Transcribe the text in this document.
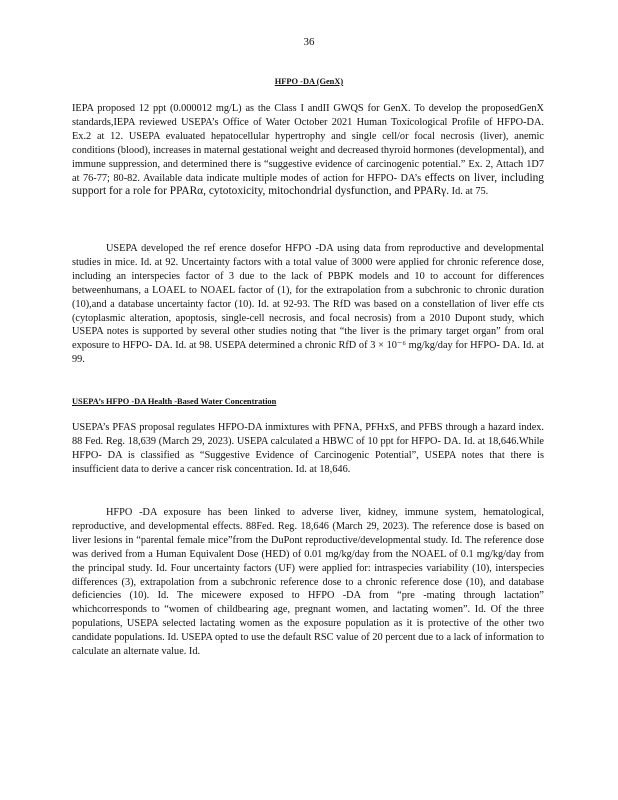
36
HFPO -DA (GenX)
IEPA proposed 12 ppt (0.000012 mg/L) as the Class I andII GWQS for GenX. To develop the proposedGenX standards,IEPA reviewed USEPA’s Office of Water October 2021 Human Toxicological Profile of HFPO-DA. Ex.2 at 12. USEPA evaluated hepatocellular hypertrophy and single cell/or focal necrosis (liver), anemic conditions (blood), increases in maternal gestational weight and decreased thyroid hormones (developmental), and immune suppression, and determined there is “suggestive evidence of carcinogenic potential.” Ex. 2, Attach 1D7 at 76-77; 80-82. Available data indicate multiple modes of action for HFPO- DA’s effects on liver, including support for a role for PPARα, cytotoxicity, mitochondrial dysfunction, and PPARγ. Id. at 75.
USEPA developed the ref erence dosefor HFPO -DA using data from reproductive and developmental studies in mice. Id. at 92. Uncertainty factors with a total value of 3000 were applied for chronic reference dose, including an interspecies factor of 3 due to the lack of PBPK models and 10 to account for differences betweenhumans, a LOAEL to NOAEL factor of (1), for the extrapolation from a subchronic to chronic duration (10),and a database uncertainty factor (10). Id. at 92-93. The RfD was based on a constellation of liver effe cts (cytoplasmic alteration, apoptosis, single-cell necrosis, and focal necrosis) from a 2010 Dupont study, which USEPA notes is supported by several other studies noting that “the liver is the primary target organ” from oral exposure to HFPO- DA. Id. at 98. USEPA determined a chronic RfD of 3 × 10⁻⁶ mg/kg/day for HFPO- DA. Id. at 99.
USEPA’s HFPO -DA Health -Based Water Concentration
USEPA’s PFAS proposal regulates HFPO-DA inmixtures with PFNA, PFHxS, and PFBS through a hazard index. 88 Fed. Reg. 18,639 (March 29, 2023). USEPA calculated a HBWC of 10 ppt for HFPO- DA. Id. at 18,646.While HFPO- DA is classified as “Suggestive Evidence of Carcinogenic Potential”, USEPA notes that there is insufficient data to derive a cancer risk concentration. Id. at 18,646.
HFPO -DA exposure has been linked to adverse liver, kidney, immune system, hematological, reproductive, and developmental effects. 88Fed. Reg. 18,646 (March 29, 2023). The reference dose is based on liver lesions in “parental female mice”from the DuPont reproductive/developmental study. Id. The reference dose was derived from a Human Equivalent Dose (HED) of 0.01 mg/kg/day from the NOAEL of 0.1 mg/kg/day from the principal study. Id. Four uncertainty factors (UF) were applied for: intraspecies variability (10), interspecies differences (3), extrapolation from a subchronic reference dose to a chronic reference dose (10), and database deficiencies (10). Id. The micewere exposed to HFPO -DA from “pre -mating through lactation” whichcorresponds to “women of childbearing age, pregnant women, and lactating women”. Id. Of the three populations, USEPA selected lactating women as the exposure population as it is protective of the other two candidate populations. Id. USEPA opted to use the default RSC value of 20 percent due to a lack of information to calculate an alternate value. Id.
